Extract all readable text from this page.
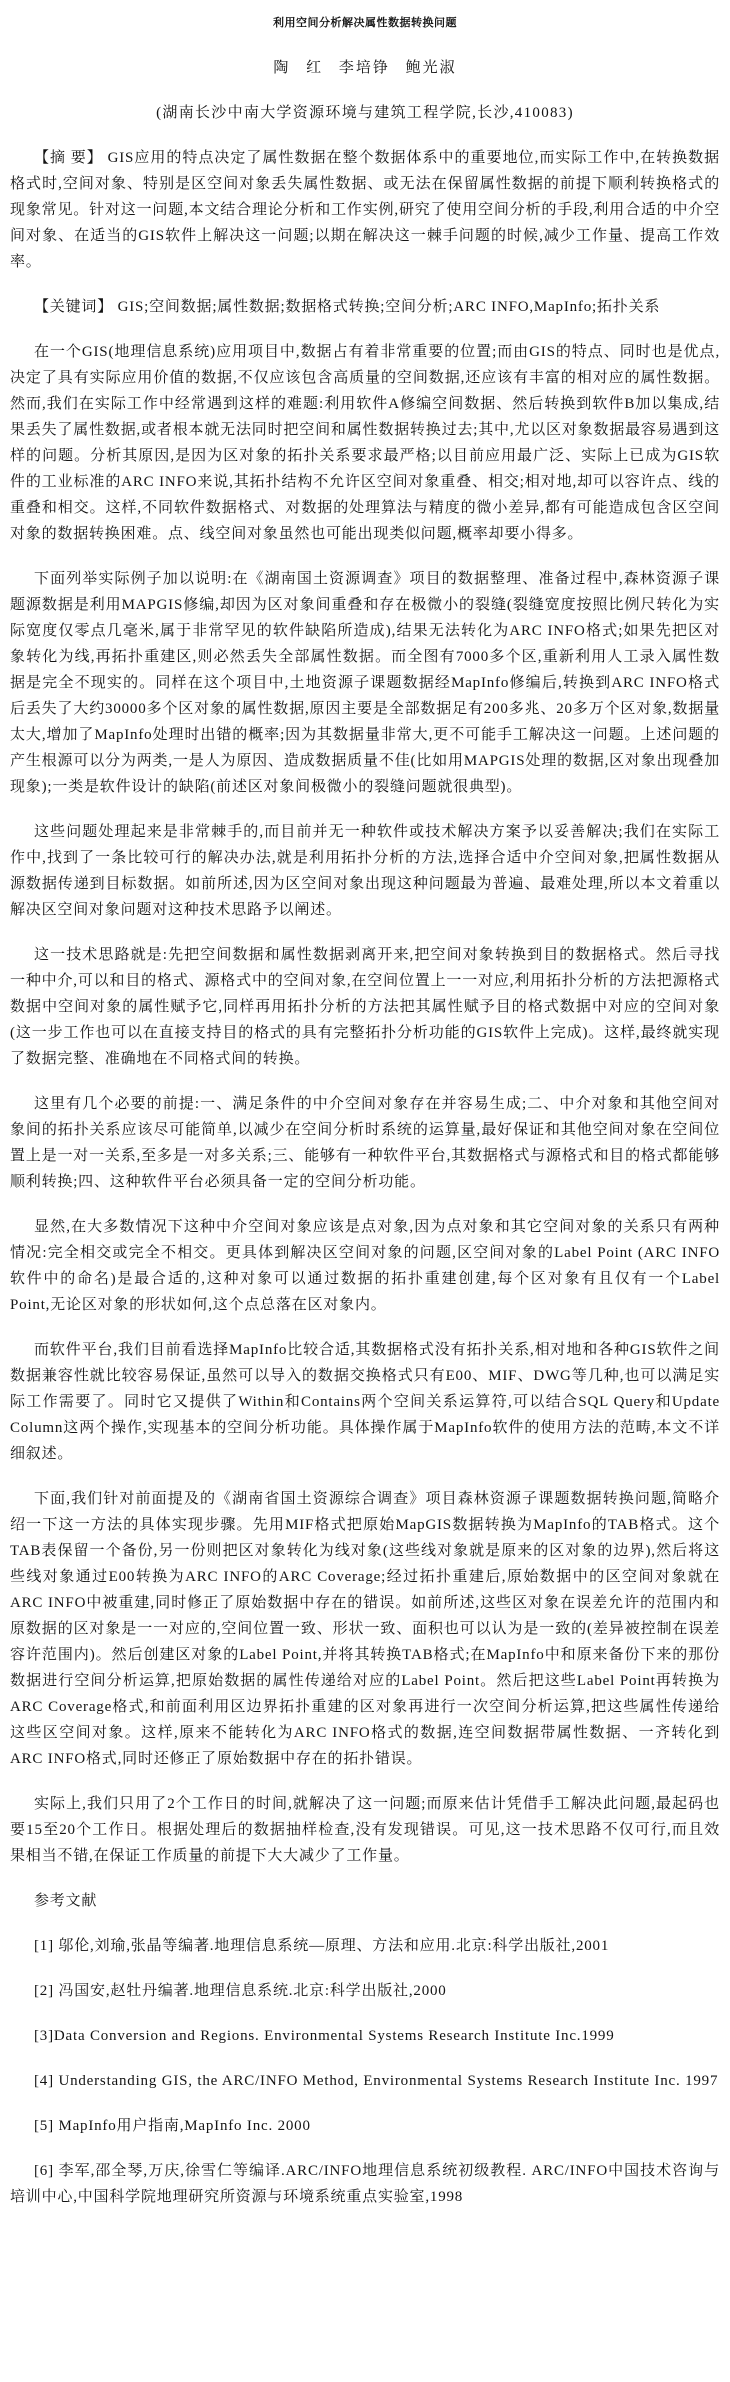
利用空间分析解决属性数据转换问题
陶 红 李培铮 鲍光淑
(湖南长沙中南大学资源环境与建筑工程学院,长沙,410083)

【摘 要】 GIS应用的特点决定了属性数据在整个数据体系中的重要地位,而实际工作中,在转换数据格式时,空间对象、特别是区空间对象丢失属性数据、或无法在保留属性数据的前提下顺利转换格式的现象常见。针对这一问题,本文结合理论分析和工作实例,研究了使用空间分析的手段,利用合适的中介空间对象、在适当的GIS软件上解决这一问题;以期在解决这一棘手问题的时候,减少工作量、提高工作效率。

【关键词】 GIS;空间数据;属性数据;数据格式转换;空间分析;ARC INFO,MapInfo;拓扑关系

在一个GIS(地理信息系统)应用项目中,数据占有着非常重要的位置;而由GIS的特点、同时也是优点,决定了具有实际应用价值的数据,不仅应该包含高质量的空间数据,还应该有丰富的相对应的属性数据。然而,我们在实际工作中经常遇到这样的难题:利用软件A修编空间数据、然后转换到软件B加以集成,结果丢失了属性数据,或者根本就无法同时把空间和属性数据转换过去;其中,尤以区对象数据最容易遇到这样的问题。分析其原因,是因为区对象的拓扑关系要求最严格;以目前应用最广泛、实际上已成为GIS软件的工业标准的ARC INFO来说,其拓扑结构不允许区空间对象重叠、相交;相对地,却可以容许点、线的重叠和相交。这样,不同软件数据格式、对数据的处理算法与精度的微小差异,都有可能造成包含区空间对象的数据转换困难。点、线空间对象虽然也可能出现类似问题,概率却要小得多。

下面列举实际例子加以说明:在《湖南国土资源调查》项目的数据整理、准备过程中,森林资源子课题源数据是利用MAPGIS修编,却因为区对象间重叠和存在极微小的裂缝(裂缝宽度按照比例尺转化为实际宽度仅零点几毫米,属于非常罕见的软件缺陷所造成),结果无法转化为ARC INFO格式;如果先把区对象转化为线,再拓扑重建区,则必然丢失全部属性数据。而全图有7000多个区,重新利用人工录入属性数据是完全不现实的。同样在这个项目中,土地资源子课题数据经MapInfo修编后,转换到ARC INFO格式后丢失了大约30000多个区对象的属性数据,原因主要是全部数据足有200多兆、20多万个区对象,数据量太大,增加了MapInfo处理时出错的概率;因为其数据量非常大,更不可能手工解决这一问题。上述问题的产生根源可以分为两类,一是人为原因、造成数据质量不佳(比如用MAPGIS处理的数据,区对象出现叠加现象);一类是软件设计的缺陷(前述区对象间极微小的裂缝问题就很典型)。

这些问题处理起来是非常棘手的,而目前并无一种软件或技术解决方案予以妥善解决;我们在实际工作中,找到了一条比较可行的解决办法,就是利用拓扑分析的方法,选择合适中介空间对象,把属性数据从源数据传递到目标数据。如前所述,因为区空间对象出现这种问题最为普遍、最难处理,所以本文着重以解决区空间对象问题对这种技术思路予以阐述。

这一技术思路就是:先把空间数据和属性数据剥离开来,把空间对象转换到目的数据格式。然后寻找一种中介,可以和目的格式、源格式中的空间对象,在空间位置上一一对应,利用拓扑分析的方法把源格式数据中空间对象的属性赋予它,同样再用拓扑分析的方法把其属性赋予目的格式数据中对应的空间对象(这一步工作也可以在直接支持目的格式的具有完整拓扑分析功能的GIS软件上完成)。这样,最终就实现了数据完整、准确地在不同格式间的转换。

这里有几个必要的前提:一、满足条件的中介空间对象存在并容易生成;二、中介对象和其他空间对象间的拓扑关系应该尽可能简单,以减少在空间分析时系统的运算量,最好保证和其他空间对象在空间位置上是一对一关系,至多是一对多关系;三、能够有一种软件平台,其数据格式与源格式和目的格式都能够顺利转换;四、这种软件平台必须具备一定的空间分析功能。

显然,在大多数情况下这种中介空间对象应该是点对象,因为点对象和其它空间对象的关系只有两种情况:完全相交或完全不相交。更具体到解决区空间对象的问题,区空间对象的Label Point (ARC INFO软件中的命名)是最合适的,这种对象可以通过数据的拓扑重建创建,每个区对象有且仅有一个Label Point,无论区对象的形状如何,这个点总落在区对象内。

而软件平台,我们目前看选择MapInfo比较合适,其数据格式没有拓扑关系,相对地和各种GIS软件之间数据兼容性就比较容易保证,虽然可以导入的数据交换格式只有E00、MIF、DWG等几种,也可以满足实际工作需要了。同时它又提供了Within和Contains两个空间关系运算符,可以结合SQL Query和Update Column这两个操作,实现基本的空间分析功能。具体操作属于MapInfo软件的使用方法的范畴,本文不详细叙述。

下面,我们针对前面提及的《湖南省国土资源综合调查》项目森林资源子课题数据转换问题,简略介绍一下这一方法的具体实现步骤。先用MIF格式把原始MapGIS数据转换为MapInfo的TAB格式。这个TAB表保留一个备份,另一份则把区对象转化为线对象(这些线对象就是原来的区对象的边界),然后将这些线对象通过E00转换为ARC INFO的ARC Coverage;经过拓扑重建后,原始数据中的区空间对象就在ARC INFO中被重建,同时修正了原始数据中存在的错误。如前所述,这些区对象在误差允许的范围内和原数据的区对象是一一对应的,空间位置一致、形状一致、面积也可以认为是一致的(差异被控制在误差容许范围内)。然后创建区对象的Label Point,并将其转换TAB格式;在MapInfo中和原来备份下来的那份数据进行空间分析运算,把原始数据的属性传递给对应的Label Point。然后把这些Label Point再转换为ARC Coverage格式,和前面利用区边界拓扑重建的区对象再进行一次空间分析运算,把这些属性传递给这些区空间对象。这样,原来不能转化为ARC INFO格式的数据,连空间数据带属性数据、一齐转化到ARC INFO格式,同时还修正了原始数据中存在的拓扑错误。

实际上,我们只用了2个工作日的时间,就解决了这一问题;而原来估计凭借手工解决此问题,最起码也要15至20个工作日。根据处理后的数据抽样检查,没有发现错误。可见,这一技术思路不仅可行,而且效果相当不错,在保证工作质量的前提下大大减少了工作量。

参考文献

[1] 邬伦,刘瑜,张晶等编著.地理信息系统—原理、方法和应用.北京:科学出版社,2001

[2] 冯国安,赵牡丹编著.地理信息系统.北京:科学出版社,2000

[3]Data Conversion and Regions. Environmental Systems Research Institute Inc.1999

[4] Understanding GIS, the ARC/INFO Method, Environmental Systems Research Institute Inc. 1997

[5] MapInfo用户指南,MapInfo Inc. 2000

[6] 李军,邵全琴,万庆,徐雪仁等编译.ARC/INFO地理信息系统初级教程. ARC/INFO中国技术咨询与培训中心,中国科学院地理研究所资源与环境系统重点实验室,1998
